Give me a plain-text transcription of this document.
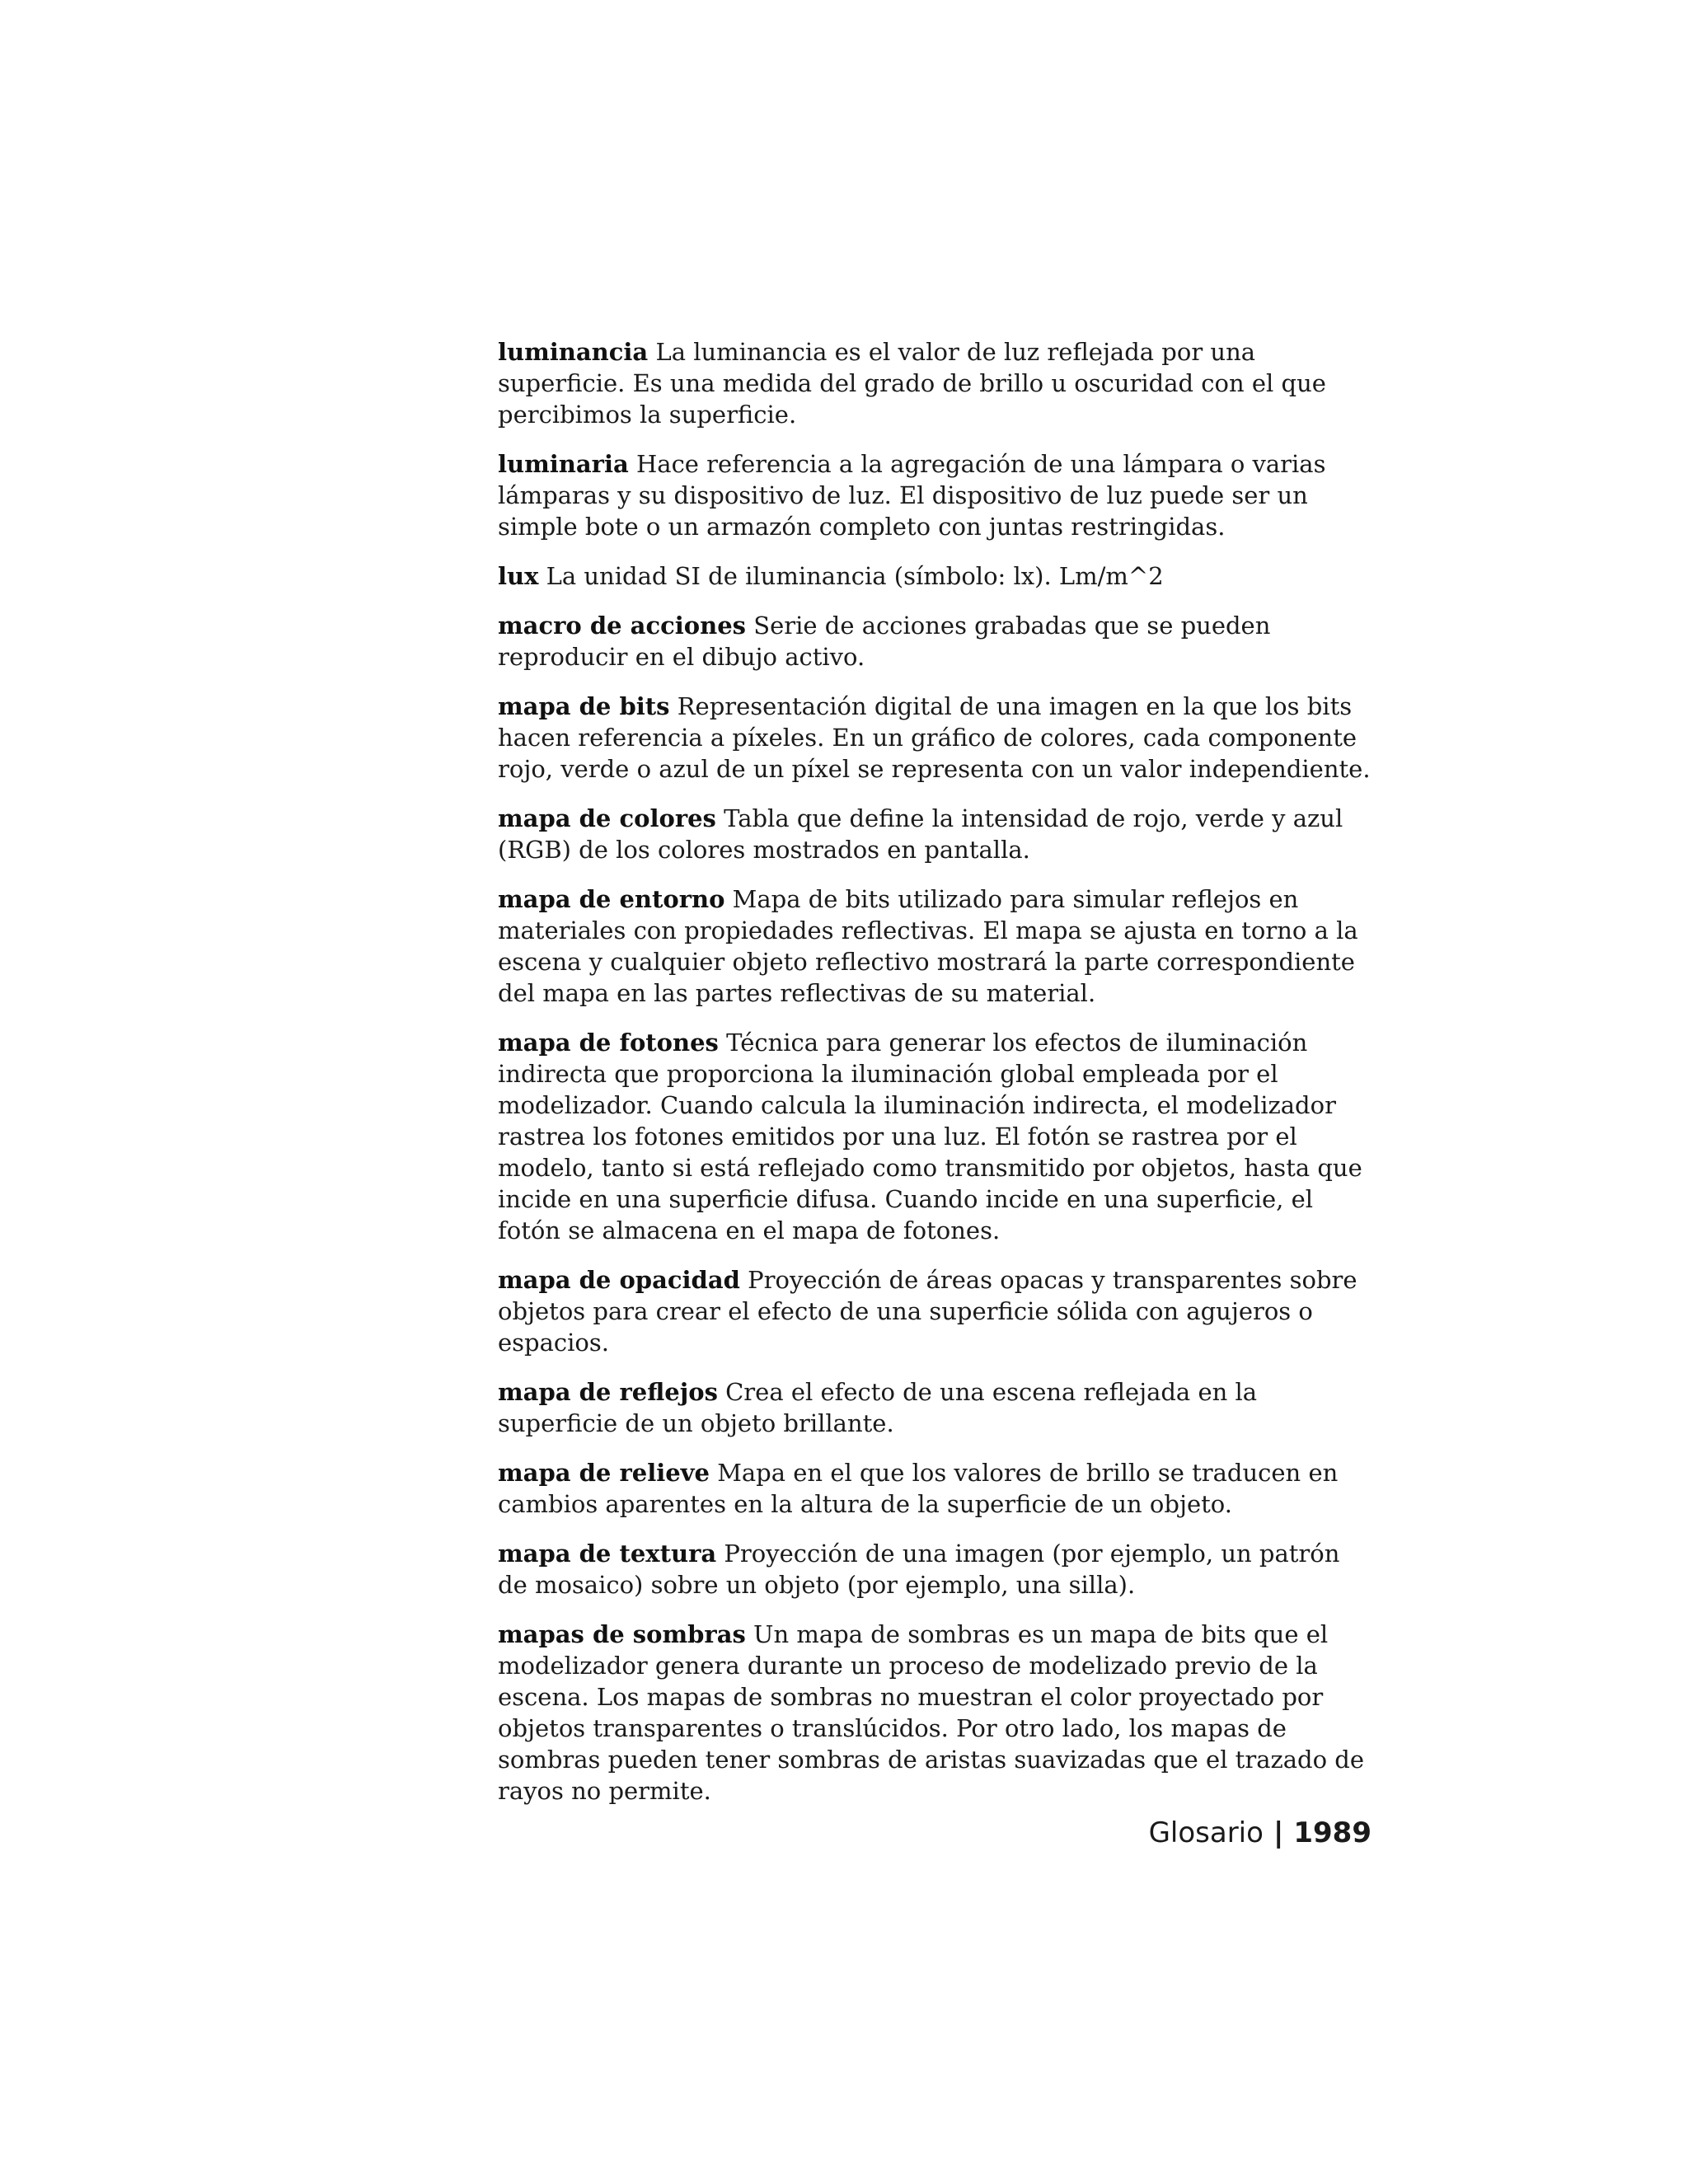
luminancia La luminancia es el valor de luz reflejada por una superficie. Es una medida del grado de brillo u oscuridad con el que percibimos la superficie.

luminaria Hace referencia a la agregación de una lámpara o varias lámparas y su dispositivo de luz. El dispositivo de luz puede ser un simple bote o un armazón completo con juntas restringidas.

lux La unidad SI de iluminancia (símbolo: lx). Lm/m^2

macro de acciones Serie de acciones grabadas que se pueden reproducir en el dibujo activo.

mapa de bits Representación digital de una imagen en la que los bits hacen referencia a píxeles. En un gráfico de colores, cada componente rojo, verde o azul de un píxel se representa con un valor independiente.

mapa de colores Tabla que define la intensidad de rojo, verde y azul (RGB) de los colores mostrados en pantalla.

mapa de entorno Mapa de bits utilizado para simular reflejos en materiales con propiedades reflectivas. El mapa se ajusta en torno a la escena y cualquier objeto reflectivo mostrará la parte correspondiente del mapa en las partes reflectivas de su material.

mapa de fotones Técnica para generar los efectos de iluminación indirecta que proporciona la iluminación global empleada por el modelizador. Cuando calcula la iluminación indirecta, el modelizador rastrea los fotones emitidos por una luz. El fotón se rastrea por el modelo, tanto si está reflejado como transmitido por objetos, hasta que incide en una superficie difusa. Cuando incide en una superficie, el fotón se almacena en el mapa de fotones.

mapa de opacidad Proyección de áreas opacas y transparentes sobre objetos para crear el efecto de una superficie sólida con agujeros o espacios.

mapa de reflejos Crea el efecto de una escena reflejada en la superficie de un objeto brillante.

mapa de relieve Mapa en el que los valores de brillo se traducen en cambios aparentes en la altura de la superficie de un objeto.

mapa de textura Proyección de una imagen (por ejemplo, un patrón de mosaico) sobre un objeto (por ejemplo, una silla).

mapas de sombras Un mapa de sombras es un mapa de bits que el modelizador genera durante un proceso de modelizado previo de la escena. Los mapas de sombras no muestran el color proyectado por objetos transparentes o translúcidos. Por otro lado, los mapas de sombras pueden tener sombras de aristas suavizadas que el trazado de rayos no permite.

Glosario | 1989
